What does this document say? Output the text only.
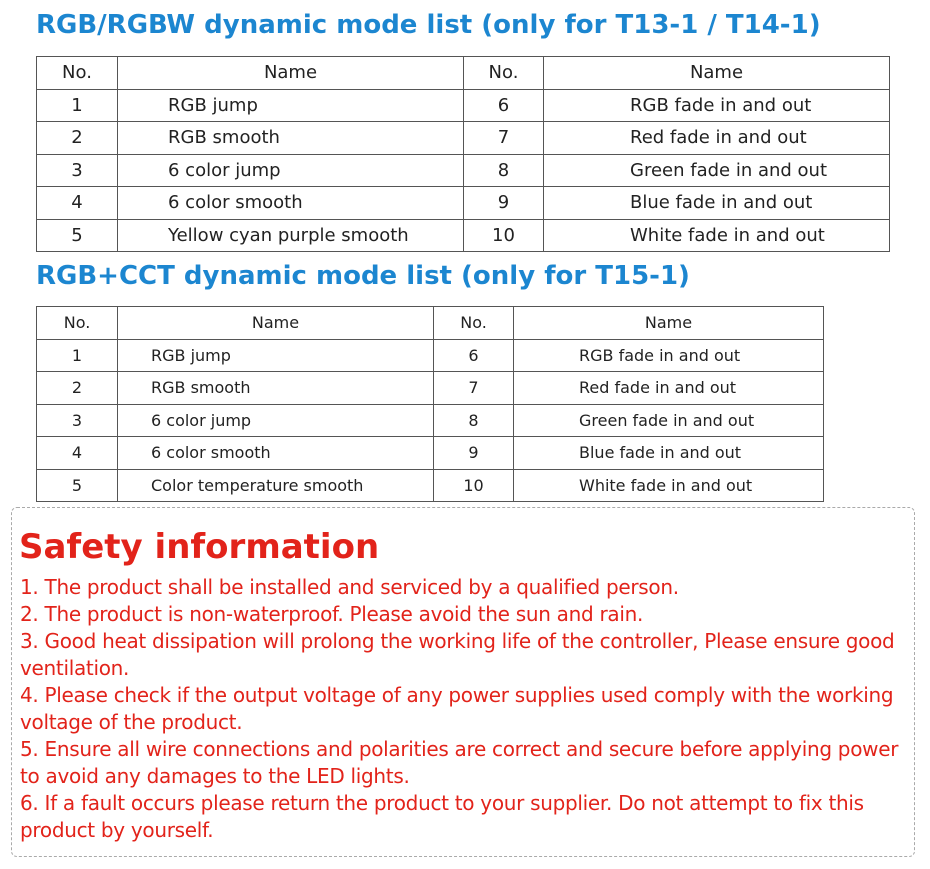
RGB/RGBW dynamic mode list (only for T13-1 / T14-1)
No.	Name	No.	Name
1	RGB jump	6	RGB fade in and out
2	RGB smooth	7	Red fade in and out
3	6 color jump	8	Green fade in and out
4	6 color smooth	9	Blue fade in and out
5	Yellow cyan purple smooth	10	White fade in and out
RGB+CCT dynamic mode list (only for T15-1)
No.	Name	No.	Name
1	RGB jump	6	RGB fade in and out
2	RGB smooth	7	Red fade in and out
3	6 color jump	8	Green fade in and out
4	6 color smooth	9	Blue fade in and out
5	Color temperature smooth	10	White fade in and out
Safety information
1. The product shall be installed and serviced by a qualified person.
2. The product is non-waterproof. Please avoid the sun and rain.
3. Good heat dissipation will prolong the working life of the controller, Please ensure good ventilation.
4. Please check if the output voltage of any power supplies used comply with the working voltage of the product.
5. Ensure all wire connections and polarities are correct and secure before applying power to avoid any damages to the LED lights.
6. If a fault occurs please return the product to your supplier. Do not attempt to fix this product by yourself.
